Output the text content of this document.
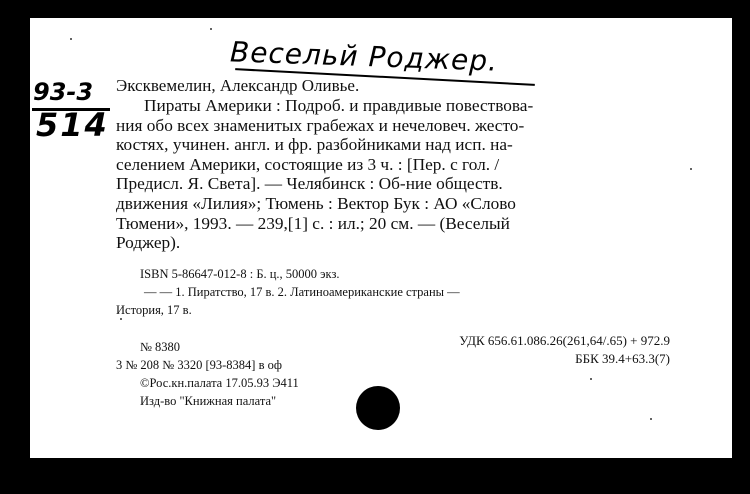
Весельй Роджер.
93-3
514
Эксквемелин, Александр Оливье.
Пираты Америки : Подроб. и правдивые повествова-
ния обо всех знаменитых грабежах и нечеловеч. жесто-
костях, учинен. англ. и фр. разбойниками над исп. на-
селением Америки, состоящие из 3 ч. : [Пер. с гол. /
Предисл. Я. Света]. — Челябинск : Об-ние обществ.
движения «Лилия»; Тюмень : Вектор Бук : АО «Слово
Тюмени», 1993. — 239,[1] с. : ил.; 20 см. — (Веселый
Роджер).
ISBN 5-86647-012-8 : Б. ц., 50000 экз.
— — 1. Пиратство, 17 в. 2. Латиноамериканские страны —
История, 17 в.
№ 8380
3 № 208 № 3320 [93-8384] в оф
©Рос.кн.палата 17.05.93 Э411
Изд-во "Книжная палата"
УДК 656.61.086.26(261,64/.65) + 972.9
ББК 39.4+63.3(7)
